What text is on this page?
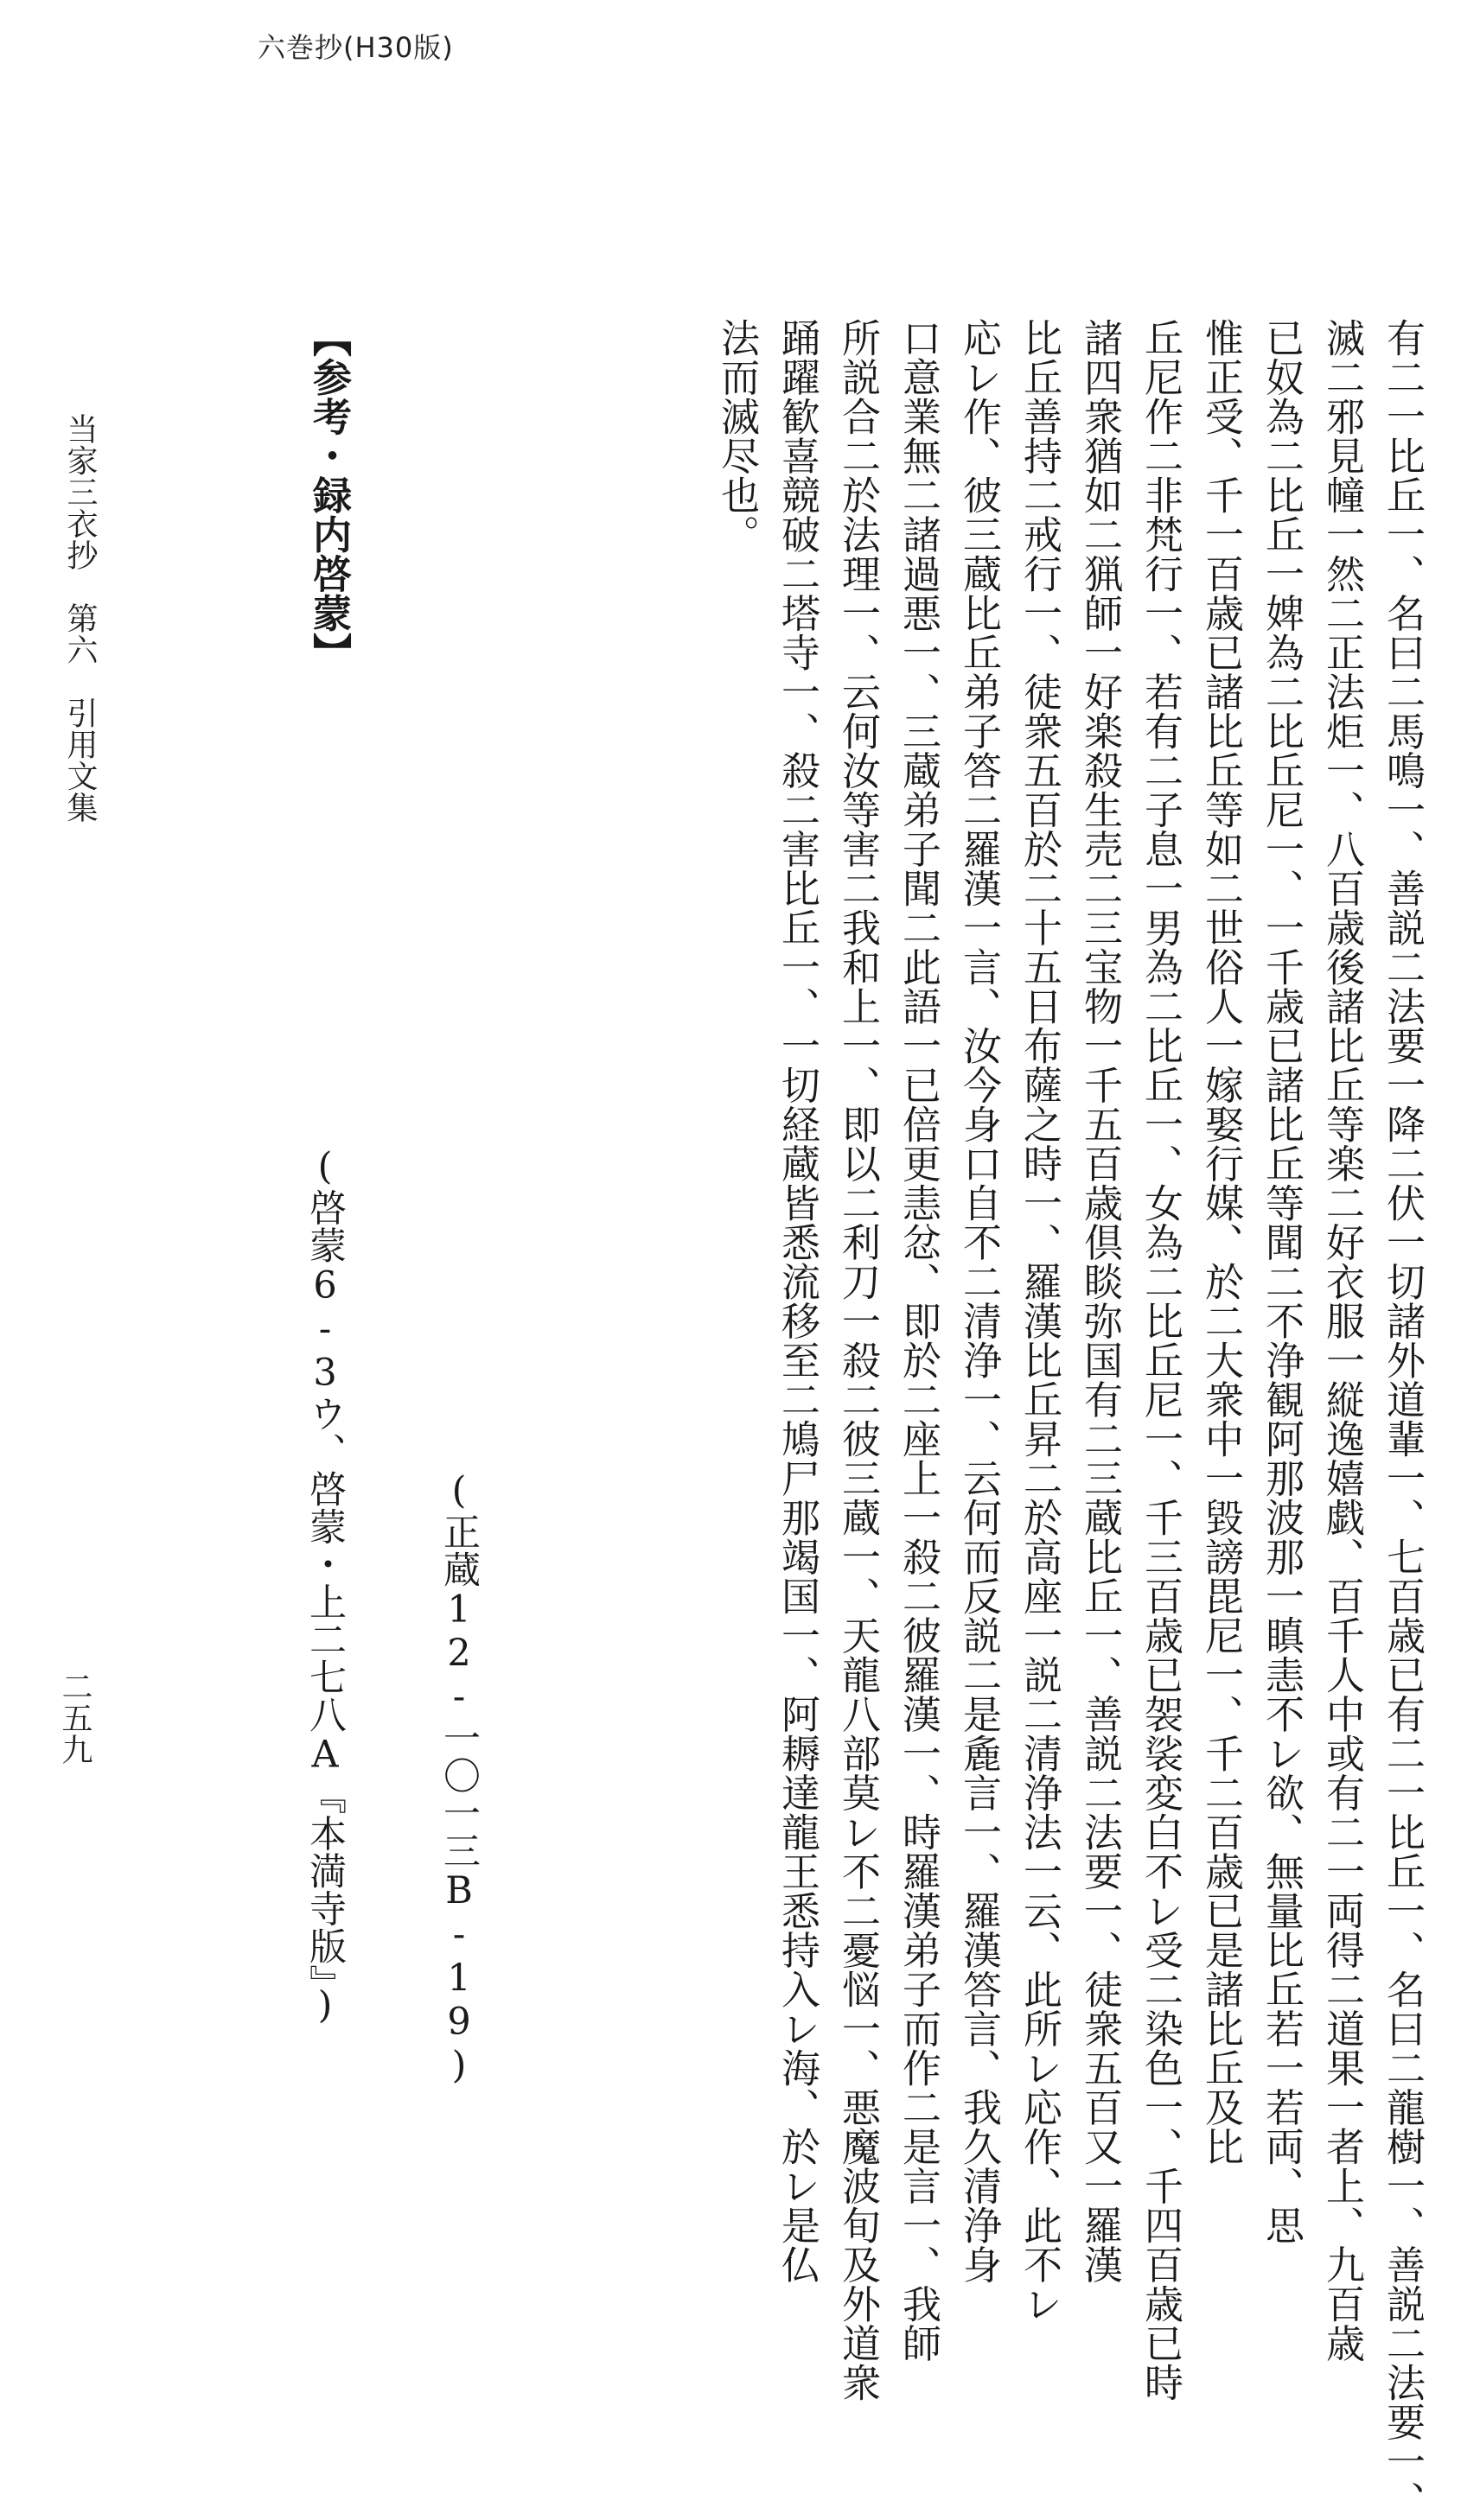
六巻抄(H30版)
有二一比丘一、名曰二馬鳴一、善説二法要一降二伏一切諸外道輩一、七百歳已有二一比丘一、名曰二龍樹一、善説二法要一、
滅二邪見幢一然二正法炬一、八百歳後諸比丘等楽二好衣服一縦逸嬉戯、百千人中或有二一両得二道果一者上、九百歳
已奴為二比丘一婢為二比丘尼一、一千歳已諸比丘等聞二不浄観阿那波那一瞋恚不レ欲、無量比丘若一若両、思
惟正受、千一百歳已諸比丘等如二世俗人一嫁娶行媒、於二大衆中一毀謗毘尼一、千二百歳已是諸比丘及比
丘尼作二非梵行一、若有二子息一男為二比丘一、女為二比丘尼一、千三百歳已袈裟変白不レ受二染色一、千四百歳已時
諸四衆猶如二猟師一好楽殺生売二三宝物一千五百歳倶睒弥国有二三蔵比丘一、善説二法要一、徒衆五百又一羅漢
比丘善持二戒行一、徒衆五百於二十五日布薩之時一、羅漢比丘昇二於高座一説二清浄法一云、此所レ応作、此不レ
応レ作、彼三蔵比丘弟子答二羅漢一言、汝今身口自不二清浄一、云何而反説二是麁言一、羅漢答言、我久清浄身
口意業無二諸過悪一、三蔵弟子聞二此語一已倍更恚忿、即於二座上一殺二彼羅漢一、時羅漢弟子而作二是言一、我師
所説合二於法理一、云何汝等害二我和上一、即以二利刀一殺二彼三蔵一、天龍八部莫レ不二憂悩一、悪魔波旬及外道衆
踊躍歓喜競破二塔寺一、殺二害比丘一、一切経蔵皆悉流移至二鳩尸那竭国一、阿耨達龍王悉持入レ海、於レ是仏
法而滅尽也。
(正蔵12-一〇一三B-19)
【参考・録内啓蒙】
(啓蒙6-3ウ、啓蒙・上二七八A『本満寺版』)
当家三衣抄　第六　引用文集
二五九
